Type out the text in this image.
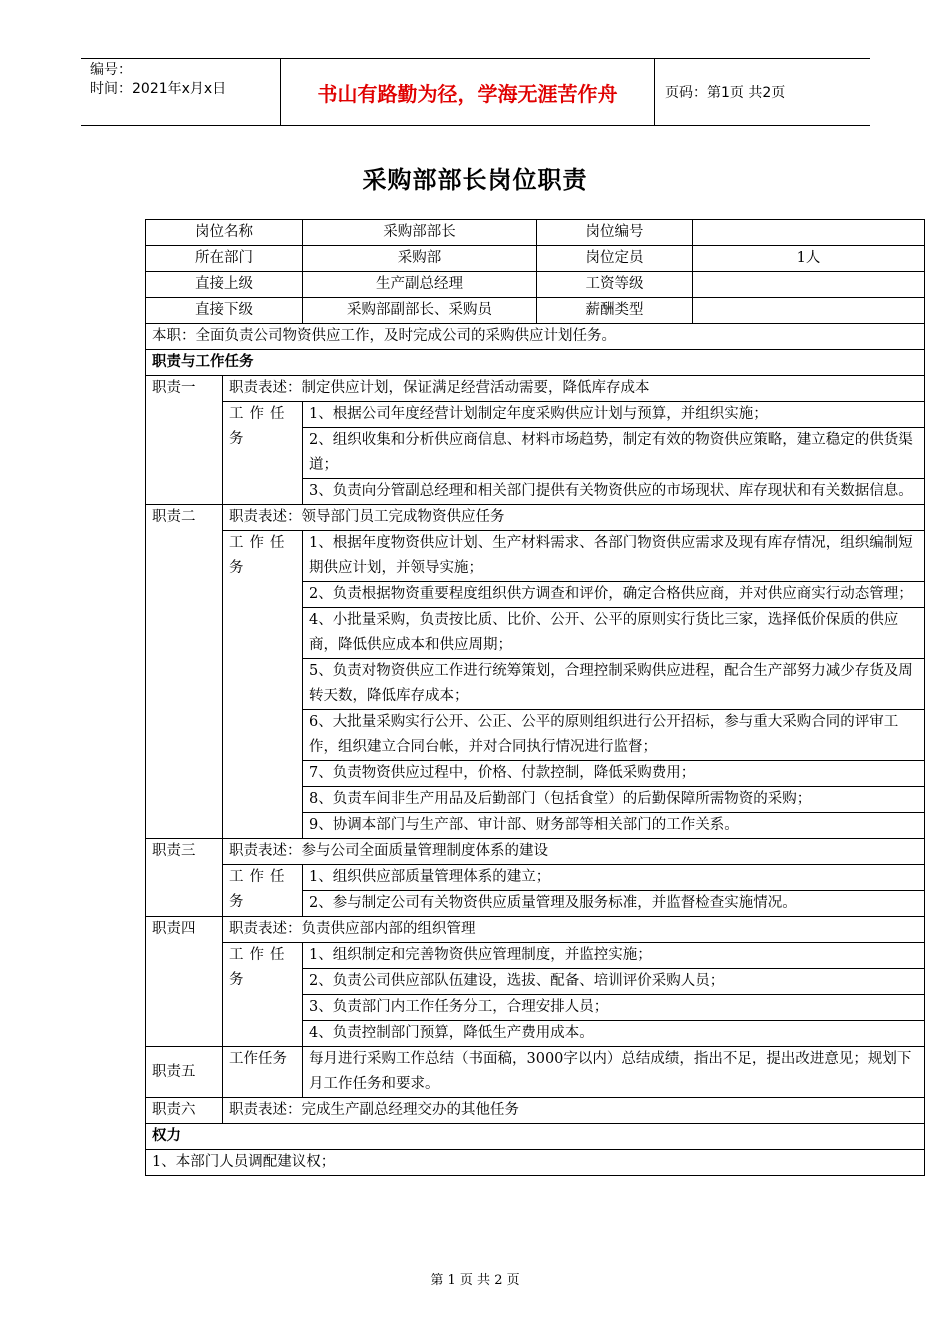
编号：
时间：2021年x月x日	书山有路勤为径，学海无涯苦作舟	页码：第1页 共2页
采购部部长岗位职责
岗位名称		采购部部长	岗位编号	
所在部门		采购部	岗位定员	1人
直接上级		生产副总经理	工资等级	
直接下级		采购部副部长、采购员	薪酬类型	
本职：全面负责公司物资供应工作，及时完成公司的采购供应计划任务。				
职责与工作任务				
职责一	职责表述：制定供应计划，保证满足经营活动需要，降低库存成本			
	工作任务	1、根据公司年度经营计划制定年度采购供应计划与预算，并组织实施；		
		2、组织收集和分析供应商信息、材料市场趋势，制定有效的物资供应策略，建立稳定的供货渠道；		
		3、负责向分管副总经理和相关部门提供有关物资供应的市场现状、库存现状和有关数据信息。		
职责二	职责表述：领导部门员工完成物资供应任务			
	工作任务	1、根据年度物资供应计划、生产材料需求、各部门物资供应需求及现有库存情况，组织编制短期供应计划，并领导实施；		
		2、负责根据物资重要程度组织供方调查和评价，确定合格供应商，并对供应商实行动态管理；		
		4、小批量采购，负责按比质、比价、公开、公平的原则实行货比三家，选择低价保质的供应商，降低供应成本和供应周期；		
		5、负责对物资供应工作进行统筹策划，合理控制采购供应进程，配合生产部努力减少存货及周转天数，降低库存成本；		
		6、大批量采购实行公开、公正、公平的原则组织进行公开招标，参与重大采购合同的评审工作，组织建立合同台帐，并对合同执行情况进行监督；		
		7、负责物资供应过程中，价格、付款控制，降低采购费用；		
		8、负责车间非生产用品及后勤部门（包括食堂）的后勤保障所需物资的采购；		
		9、协调本部门与生产部、审计部、财务部等相关部门的工作关系。		
职责三	职责表述：参与公司全面质量管理制度体系的建设			
	工作任务	1、组织供应部质量管理体系的建立；		
		2、参与制定公司有关物资供应质量管理及服务标准，并监督检查实施情况。		
职责四	职责表述：负责供应部内部的组织管理			
	工作任务	1、组织制定和完善物资供应管理制度，并监控实施；		
		2、负责公司供应部队伍建设，选拔、配备、培训评价采购人员；		
		3、负责部门内工作任务分工，合理安排人员；		
		4、负责控制部门预算，降低生产费用成本。		
职责五	工作任务	每月进行采购工作总结（书面稿，3000字以内）总结成绩，指出不足，提出改进意见；规划下月工作任务和要求。		
职责六	职责表述：完成生产副总经理交办的其他任务			
权力				
1、本部门人员调配建议权；				
第 1 页 共 2 页
